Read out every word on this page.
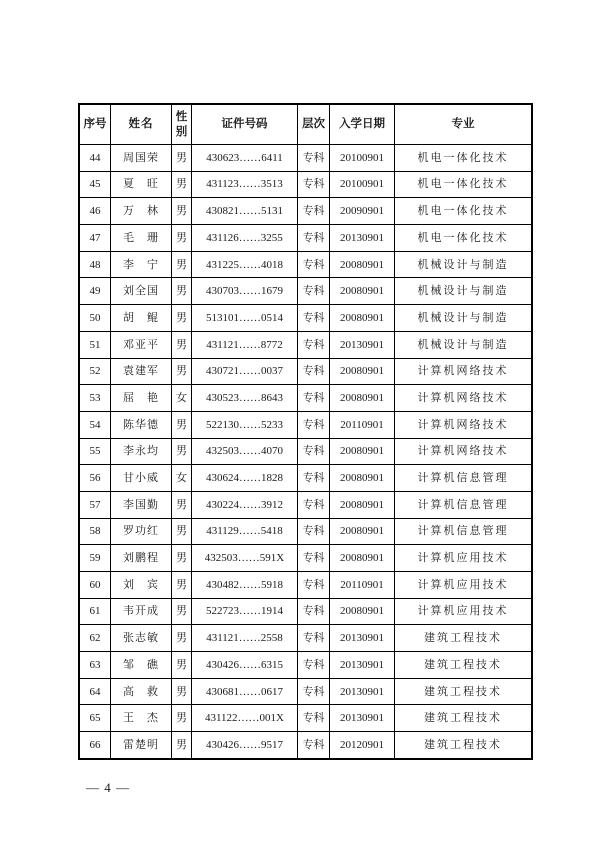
序号	姓名	性别	证件号码	层次	入学日期	专业
44	周国荣	男	430623……6411	专科	20100901	机电一体化技术
45	夏　旺	男	431123……3513	专科	20100901	机电一体化技术
46	万　林	男	430821……5131	专科	20090901	机电一体化技术
47	毛　珊	男	431126……3255	专科	20130901	机电一体化技术
48	李　宁	男	431225……4018	专科	20080901	机械设计与制造
49	刘全国	男	430703……1679	专科	20080901	机械设计与制造
50	胡　鲲	男	513101……0514	专科	20080901	机械设计与制造
51	邓亚平	男	431121……8772	专科	20130901	机械设计与制造
52	袁建军	男	430721……0037	专科	20080901	计算机网络技术
53	屈　艳	女	430523……8643	专科	20080901	计算机网络技术
54	陈华德	男	522130……5233	专科	20110901	计算机网络技术
55	李永均	男	432503……4070	专科	20080901	计算机网络技术
56	甘小威	女	430624……1828	专科	20080901	计算机信息管理
57	李国勤	男	430224……3912	专科	20080901	计算机信息管理
58	罗功红	男	431129……5418	专科	20080901	计算机信息管理
59	刘鹏程	男	432503……591X	专科	20080901	计算机应用技术
60	刘　宾	男	430482……5918	专科	20110901	计算机应用技术
61	韦开成	男	522723……1914	专科	20080901	计算机应用技术
62	张志敏	男	431121……2558	专科	20130901	建筑工程技术
63	邹　礁	男	430426……6315	专科	20130901	建筑工程技术
64	高　救	男	430681……0617	专科	20130901	建筑工程技术
65	王　杰	男	431122……001X	专科	20130901	建筑工程技术
66	雷楚明	男	430426……9517	专科	20120901	建筑工程技术
— 4 —
